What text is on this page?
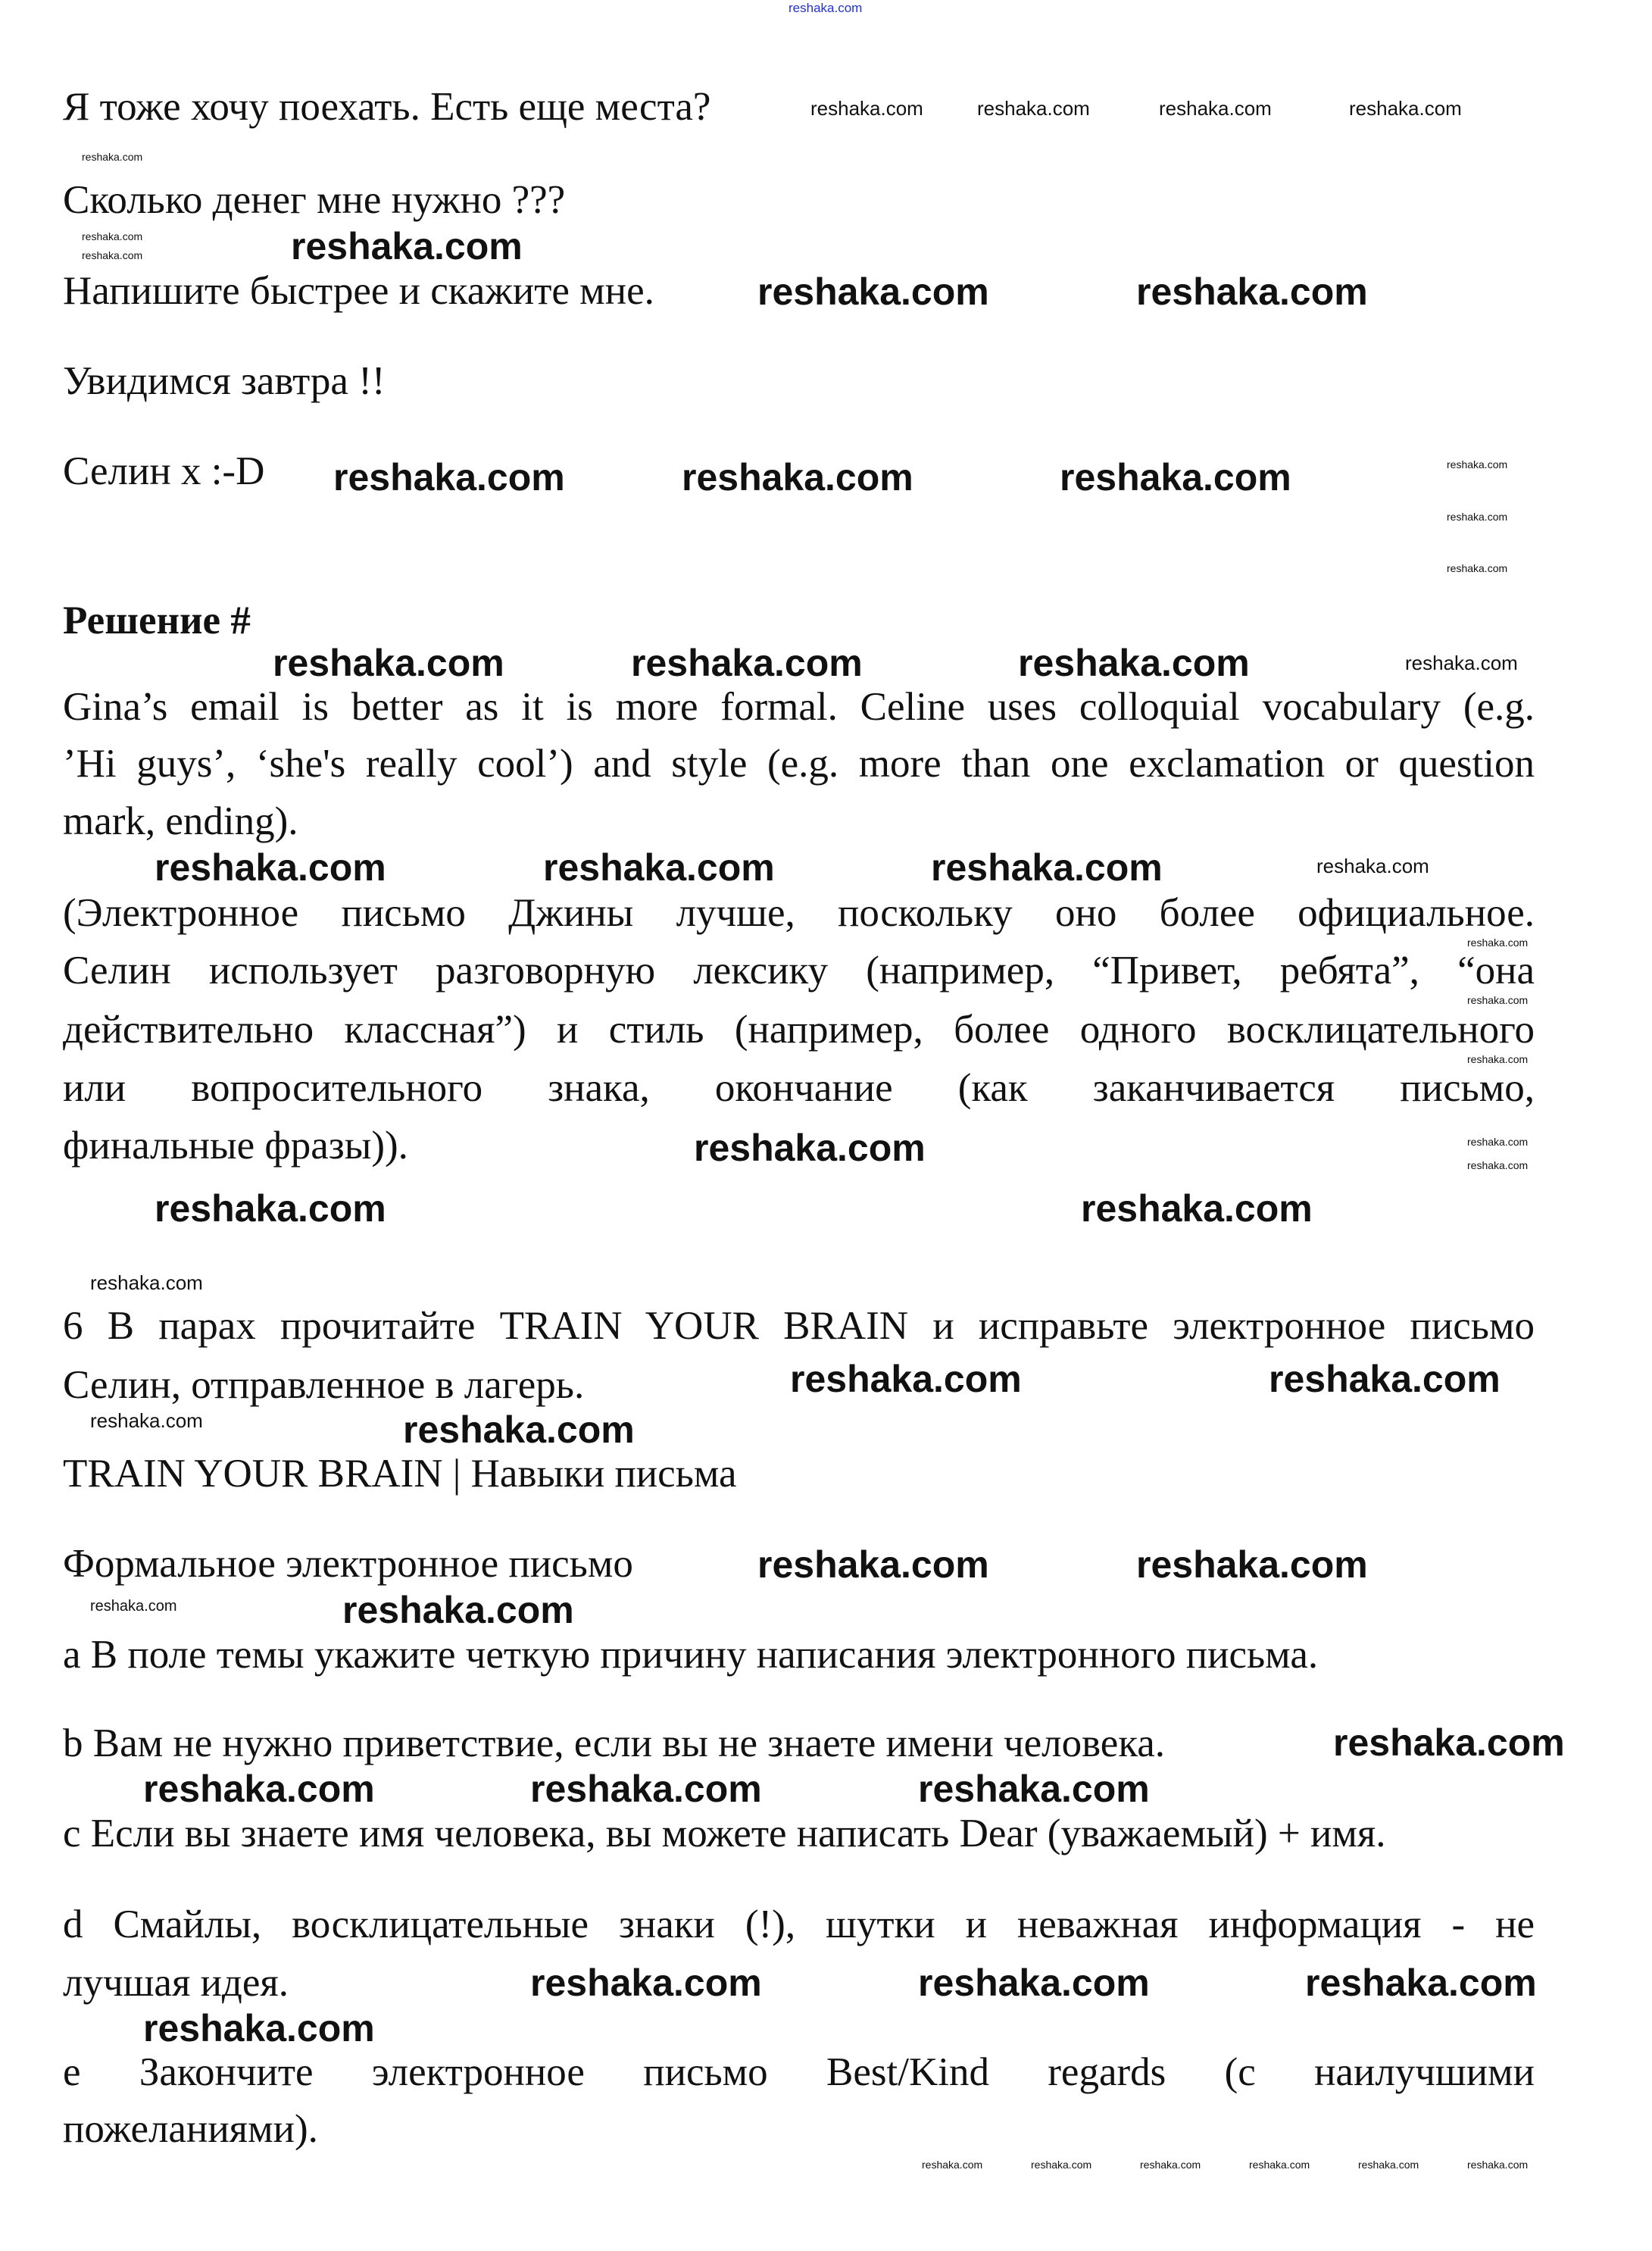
Я тоже хочу поехать. Есть еще места?
Сколько денег мне нужно ???
Напишите быстрее и скажите мне.
Увидимся завтра !!
Селин x :-D
Решение #
Gina’s email is better as it is more formal. Celine uses colloquial vocabulary (e.g.
’Hi guys’, ‘she's really cool’) and style (e.g. more than one exclamation or question
mark, ending).
(Электронное письмо Джины лучше, поскольку оно более официальное.
Селин использует разговорную лексику (например, “Привет, ребята”, “она
действительно классная”) и стиль (например, более одного восклицательного
или вопросительного знака, окончание (как заканчивается письмо,
финальные фразы)).
6 В парах прочитайте TRAIN YOUR BRAIN и исправьте электронное письмо
Селин, отправленное в лагерь.
TRAIN YOUR BRAIN | Навыки письма
Формальное электронное письмо
a В поле темы укажите четкую причину написания электронного письма.
b Вам не нужно приветствие, если вы не знаете имени человека.
c Если вы знаете имя человека, вы можете написать Dear (уважаемый) + имя.
d Смайлы, восклицательные знаки (!), шутки и неважная информация - не
лучшая идея.
e Закончите электронное письмо Best/Kind regards (с наилучшими
пожеланиями).
reshaka.com
reshaka.com	reshaka.com	reshaka.com	reshaka.com
reshaka.com
reshaka.com
reshaka.com	reshaka.com
reshaka.com	reshaka.com
reshaka.com	reshaka.com	reshaka.com	reshaka.com
reshaka.com
reshaka.com
reshaka.com	reshaka.com	reshaka.com	reshaka.com
reshaka.com	reshaka.com	reshaka.com	reshaka.com
reshaka.com
reshaka.com
reshaka.com
reshaka.com
reshaka.com
reshaka.com
reshaka.com
reshaka.com
reshaka.com
reshaka.com
reshaka.com	reshaka.com
reshaka.com
reshaka.com	reshaka.com
reshaka.com	reshaka.com
reshaka.com
reshaka.com	reshaka.com	reshaka.com
reshaka.com	reshaka.com
reshaka.com
reshaka.com
reshaka.com	reshaka.com	reshaka.com	reshaka.com	reshaka.com	reshaka.com
